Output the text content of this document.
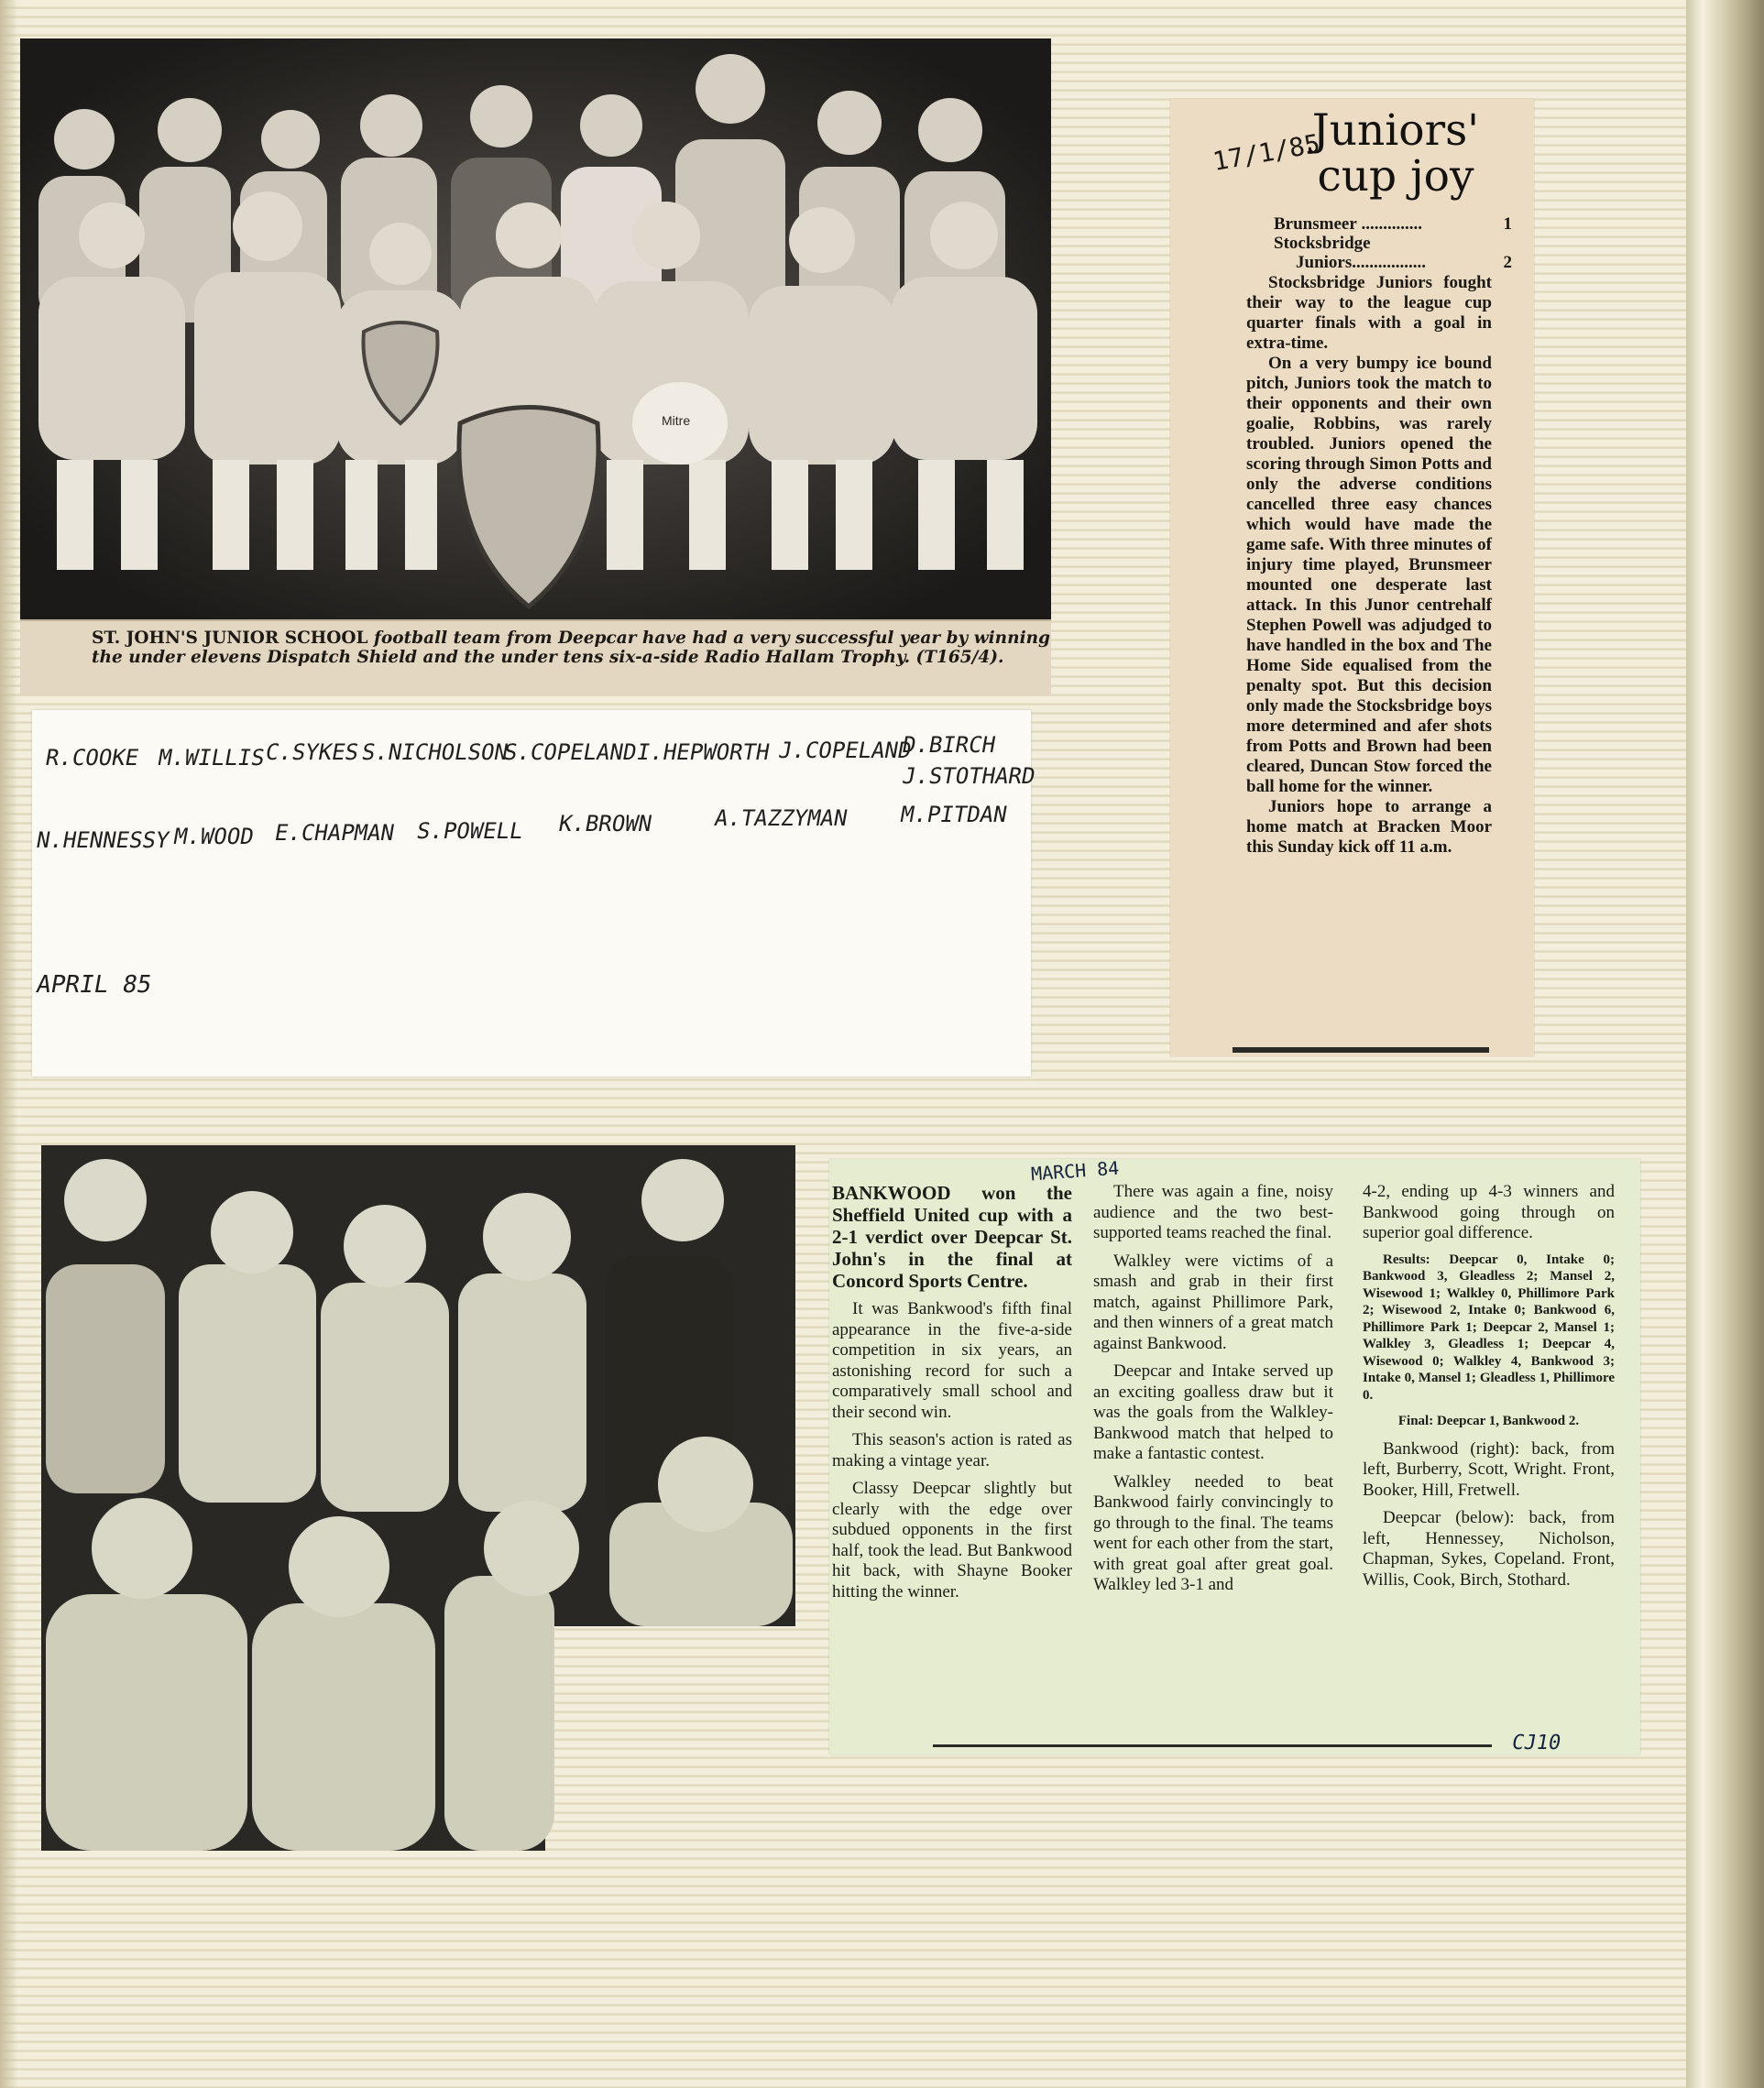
Mitre
ST. JOHN'S JUNIOR SCHOOL football team from Deepcar have had a very successful year by winning the under elevens Dispatch Shield and the under tens six-a-side Radio Hallam Trophy. (T165/4).
R.COOKE M.WILLIS
C.SYKES
S.NICHOLSON
S.COPELAND
I.HEPWORTH J.COPELAND
D.BIRCH
J.STOTHARD
N.HENNESSY M.WOOD E.CHAPMAN S.POWELL K.BROWN	A.TAZZYMAN M.PITDAN
APRIL 85
17/1/85
Juniors'
cup joy
Brunsmeer ..............	1
Stocksbridge
Juniors .................	2

Stocksbridge Juniors fought their way to the league cup quarter finals with a goal in extra-time.

On a very bumpy ice bound pitch, Juniors took the match to their opponents and their own goalie, Robbins, was rarely troubled. Juniors opened the scoring through Simon Potts and only the adverse conditions cancelled three easy chances which would have made the game safe. With three minutes of injury time played, Brunsmeer mounted one desperate last attack. In this Junor centrehalf Stephen Powell was adjudged to have handled in the box and The Home Side equalised from the penalty spot. But this decision only made the Stocksbridge boys more determined and afer shots from Potts and Brown had been cleared, Duncan Stow forced the ball home for the winner.

Juniors hope to arrange a home match at Bracken Moor this Sunday kick off 11 a.m.

MARCH 84

BANKWOOD won the Sheffield United cup with a 2-1 verdict over Deepcar St. John's in the final at Concord Sports Centre.

It was Bankwood's fifth final appearance in the five-a-side competition in six years, an astonishing record for such a comparatively small school and their second win.

This season's action is rated as making a vintage year.

Classy Deepcar slightly but clearly with the edge over subdued opponents in the first half, took the lead. But Bankwood hit back, with Shayne Booker hitting the winner.

There was again a fine, noisy audience and the two best-supported teams reached the final.

Walkley were victims of a smash and grab in their first match, against Phillimore Park, and then winners of a great match against Bankwood.

Deepcar and Intake served up an exciting goalless draw but it was the goals from the Walkley-Bankwood match that helped to make a fantastic contest.

Walkley needed to beat Bankwood fairly convincingly to go through to the final. The teams went for each other from the start, with great goal after great goal. Walkley led 3-1 and

4-2, ending up 4-3 winners and Bankwood going through on superior goal difference.

Results: Deepcar 0, Intake 0; Bankwood 3, Gleadless 2; Mansel 2, Wisewood 1; Walkley 0, Phillimore Park 2; Wisewood 2, Intake 0; Bankwood 6, Phillimore Park 1; Deepcar 2, Mansel 1; Walkley 3, Gleadless 1; Deepcar 4, Wisewood 0; Walkley 4, Bankwood 3; Intake 0, Mansel 1; Gleadless 1, Phillimore 0.

Final: Deepcar 1, Bankwood 2.

Bankwood (right): back, from left, Burberry, Scott, Wright. Front, Booker, Hill, Fretwell.

Deepcar (below): back, from left, Hennessey, Nicholson, Chapman, Sykes, Copeland. Front, Willis, Cook, Birch, Stothard.

CJ10
